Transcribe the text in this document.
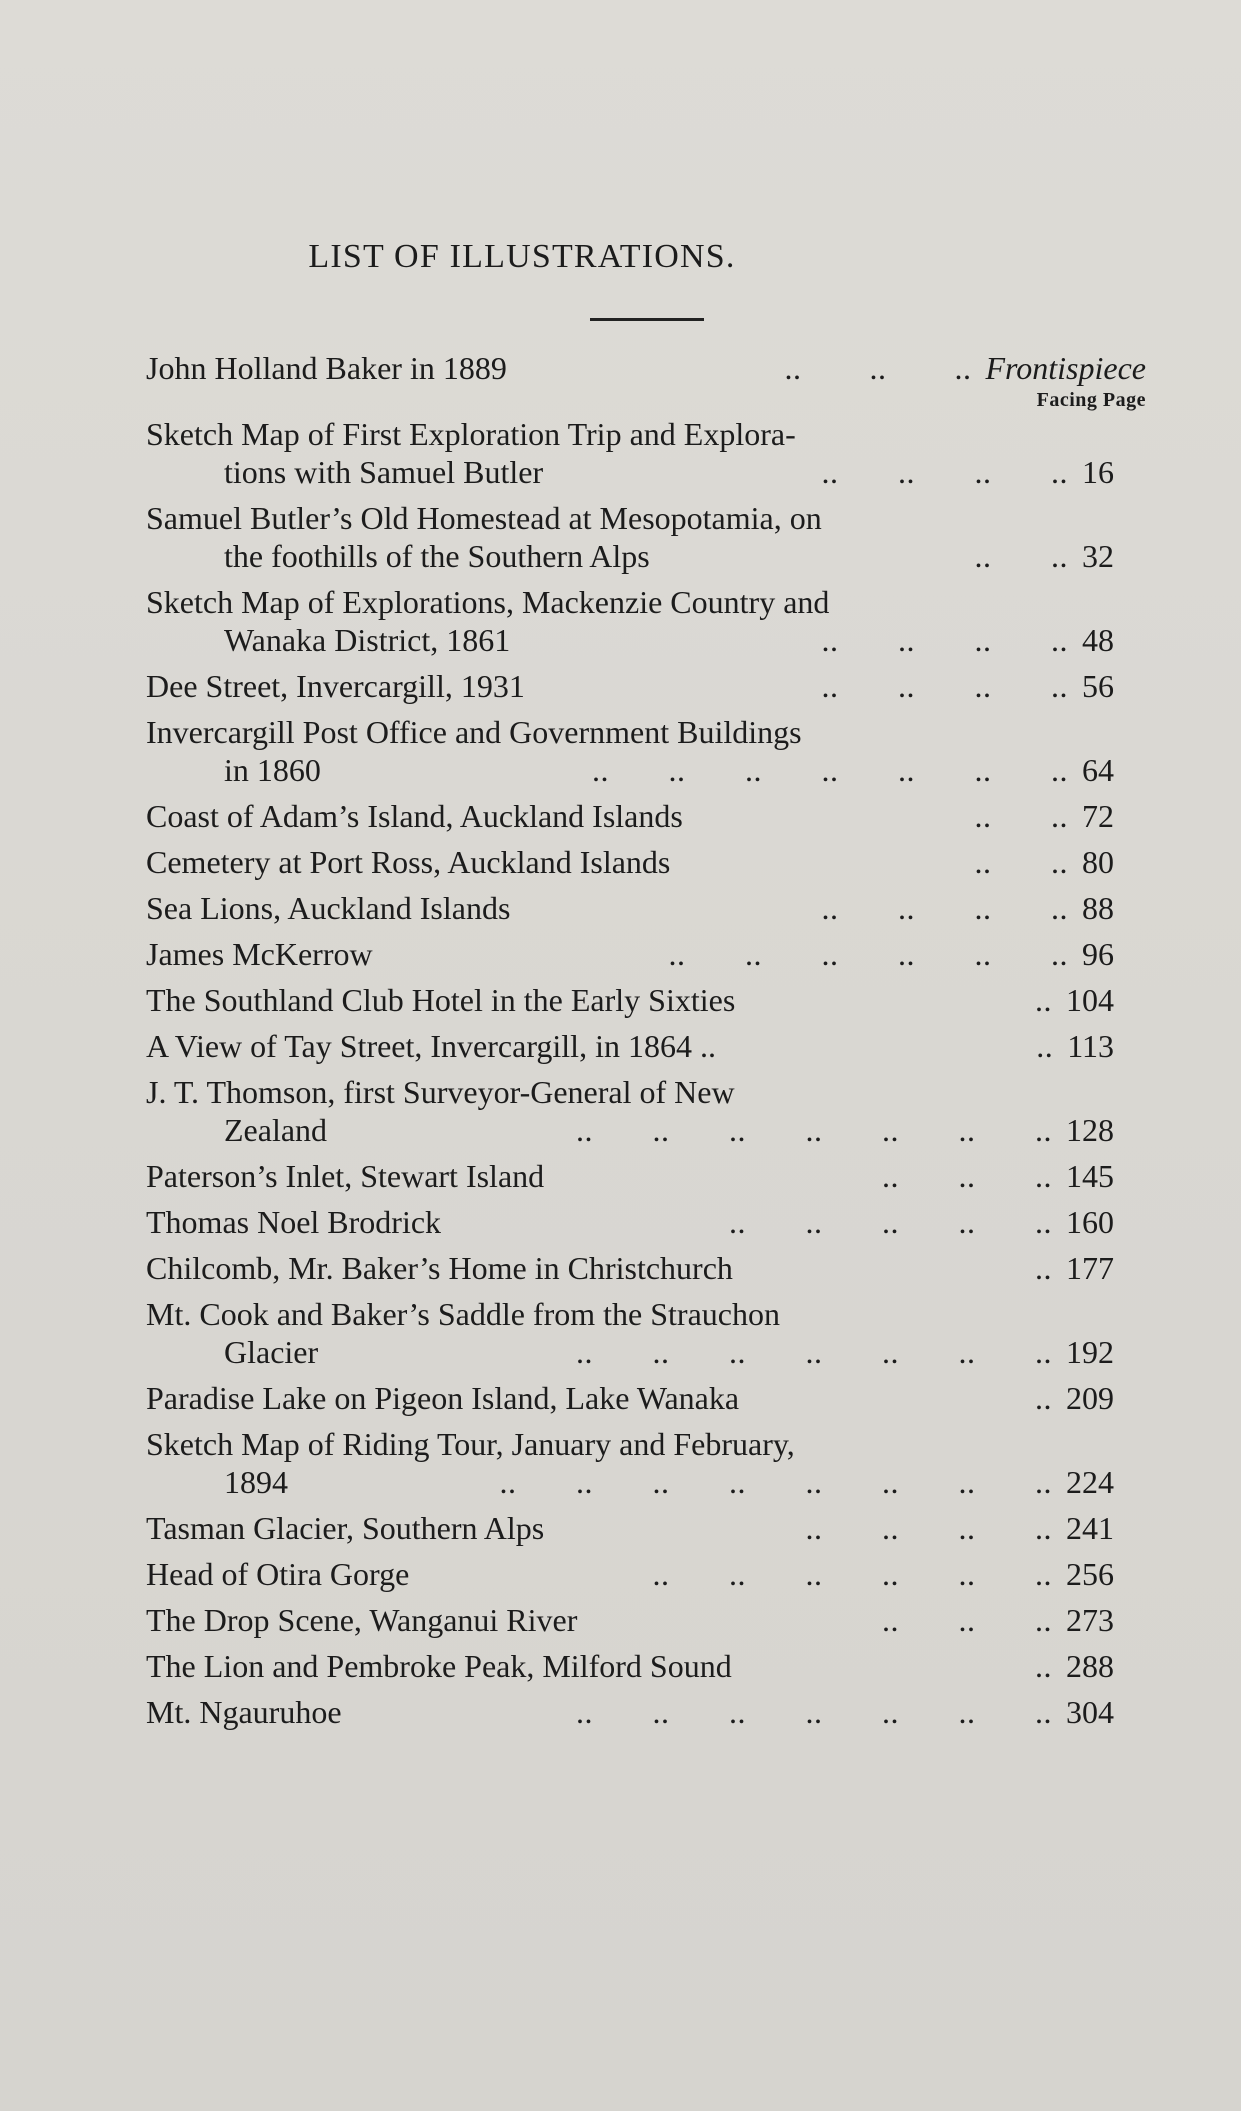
LIST OF ILLUSTRATIONS.
John Holland Baker in 1889	..        ..        .. Frontispiece
Facing Page
Sketch Map of First Exploration Trip and Explora-
tions with Samuel Butler	..       ..       ..       .. 16
Samuel Butler’s Old Homestead at Mesopotamia, on
the foothills of the Southern Alps	..       .. 32
Sketch Map of Explorations, Mackenzie Country and
Wanaka District, 1861	..       ..       ..       .. 48
Dee Street, Invercargill, 1931	..       ..       ..       .. 56
Invercargill Post Office and Government Buildings
in 1860	..       ..       ..       ..       ..       ..       .. 64
Coast of Adam’s Island, Auckland Islands	..       .. 72
Cemetery at Port Ross, Auckland Islands	..       .. 80
Sea Lions, Auckland Islands	..       ..       ..       .. 88
James McKerrow	..       ..       ..       ..       ..       .. 96
The Southland Club Hotel in the Early Sixties	.. 104
A View of Tay Street, Invercargill, in 1864 ..	.. 113
J. T. Thomson, first Surveyor-General of New
Zealand	..       ..       ..       ..       ..       ..       .. 128
Paterson’s Inlet, Stewart Island	..       ..       .. 145
Thomas Noel Brodrick	..       ..       ..       ..       .. 160
Chilcomb, Mr. Baker’s Home in Christchurch	.. 177
Mt. Cook and Baker’s Saddle from the Strauchon
Glacier	..       ..       ..       ..       ..       ..       .. 192
Paradise Lake on Pigeon Island, Lake Wanaka	.. 209
Sketch Map of Riding Tour, January and February,
1894	..       ..       ..       ..       ..       ..       ..       .. 224
Tasman Glacier, Southern Alps	..       ..       ..       .. 241
Head of Otira Gorge	..       ..       ..       ..       ..       .. 256
The Drop Scene, Wanganui River	..       ..       .. 273
The Lion and Pembroke Peak, Milford Sound	.. 288
Mt. Ngauruhoe	..       ..       ..       ..       ..       ..       .. 304
